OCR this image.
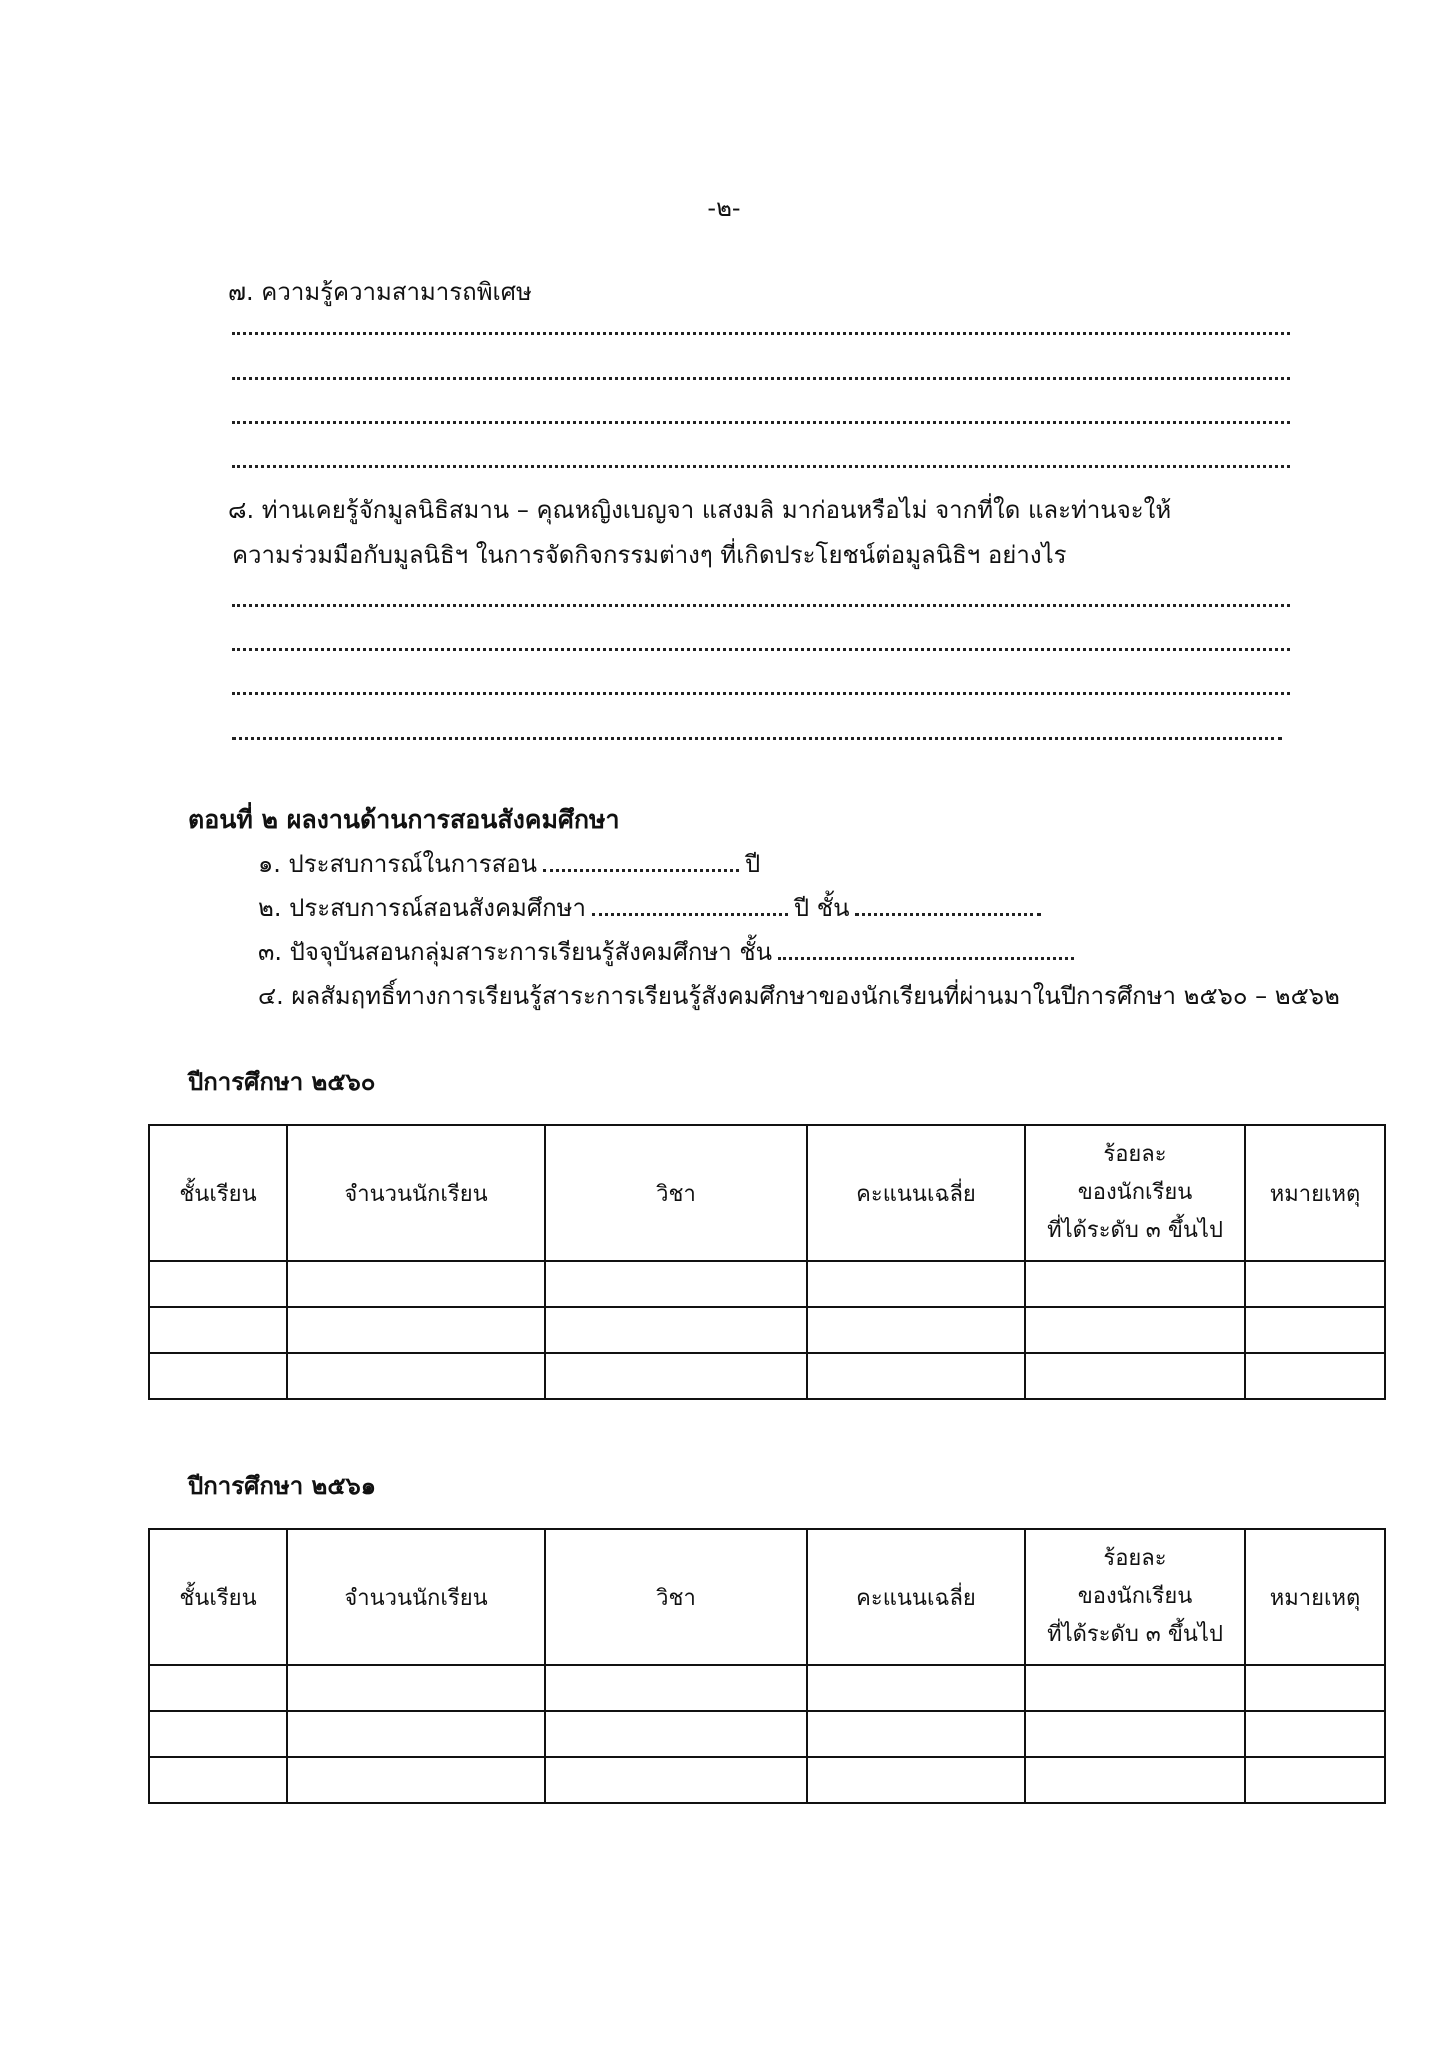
-๒-
๗. ความรู้ความสามารถพิเศษ
๘. ท่านเคยรู้จักมูลนิธิสมาน – คุณหญิงเบญจา แสงมลิ มาก่อนหรือไม่ จากที่ใด และท่านจะให้
ความร่วมมือกับมูลนิธิฯ ในการจัดกิจกรรมต่างๆ ที่เกิดประโยชน์ต่อมูลนิธิฯ อย่างไร
ตอนที่ ๒ ผลงานด้านการสอนสังคมศึกษา
๑. ประสบการณ์ในการสอน	ปี
๒. ประสบการณ์สอนสังคมศึกษา	ปี ชั้น
๓. ปัจจุบันสอนกลุ่มสาระการเรียนรู้สังคมศึกษา ชั้น
๔. ผลสัมฤทธิ์ทางการเรียนรู้สาระการเรียนรู้สังคมศึกษาของนักเรียนที่ผ่านมาในปีการศึกษา ๒๕๖๐ – ๒๕๖๒
ปีการศึกษา ๒๕๖๐
ชั้นเรียน	จำนวนนักเรียน	วิชา	คะแนนเฉลี่ย	ร้อยละ
ของนักเรียน
ที่ได้ระดับ ๓ ขึ้นไป	หมายเหตุ

ปีการศึกษา ๒๕๖๑
ชั้นเรียน	จำนวนนักเรียน	วิชา	คะแนนเฉลี่ย	ร้อยละ
ของนักเรียน
ที่ได้ระดับ ๓ ขึ้นไป	หมายเหตุ
